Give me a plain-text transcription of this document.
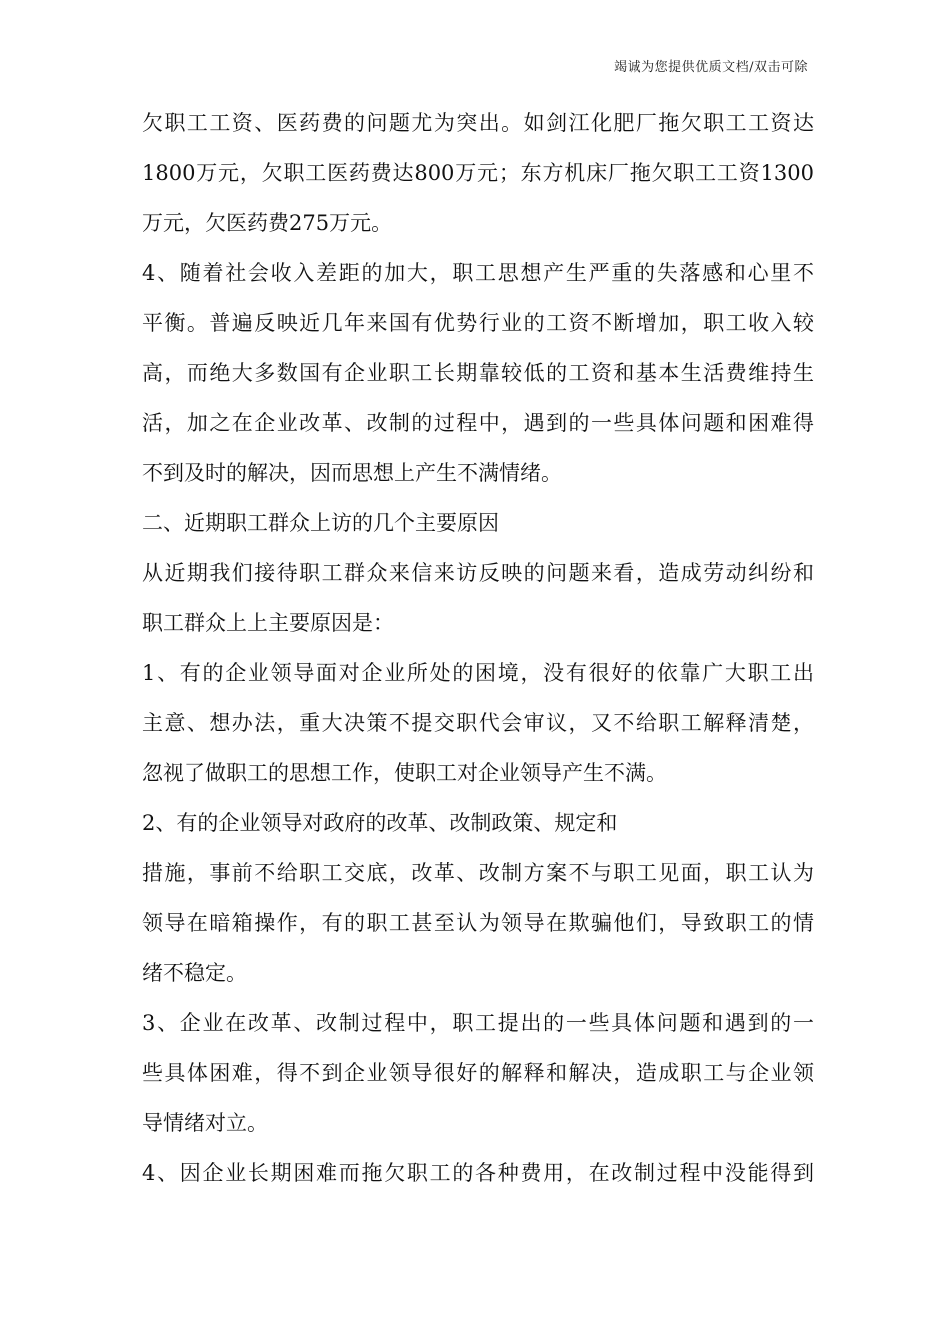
竭诚为您提供优质文档/双击可除
欠职工工资、医药费的问题尤为突出。如剑江化肥厂拖欠职工工资达
1800万元，欠职工医药费达800万元；东方机床厂拖欠职工工资1300
万元，欠医药费275万元。
4、随着社会收入差距的加大，职工思想产生严重的失落感和心里不
平衡。普遍反映近几年来国有优势行业的工资不断增加，职工收入较
高，而绝大多数国有企业职工长期靠较低的工资和基本生活费维持生
活，加之在企业改革、改制的过程中，遇到的一些具体问题和困难得
不到及时的解决，因而思想上产生不满情绪。
二、近期职工群众上访的几个主要原因
从近期我们接待职工群众来信来访反映的问题来看，造成劳动纠纷和
职工群众上上主要原因是：
1、有的企业领导面对企业所处的困境，没有很好的依靠广大职工出
主意、想办法，重大决策不提交职代会审议，又不给职工解释清楚，
忽视了做职工的思想工作，使职工对企业领导产生不满。
2、有的企业领导对政府的改革、改制政策、规定和
措施，事前不给职工交底，改革、改制方案不与职工见面，职工认为
领导在暗箱操作，有的职工甚至认为领导在欺骗他们，导致职工的情
绪不稳定。
3、企业在改革、改制过程中，职工提出的一些具体问题和遇到的一
些具体困难，得不到企业领导很好的解释和解决，造成职工与企业领
导情绪对立。
4、因企业长期困难而拖欠职工的各种费用，在改制过程中没能得到
